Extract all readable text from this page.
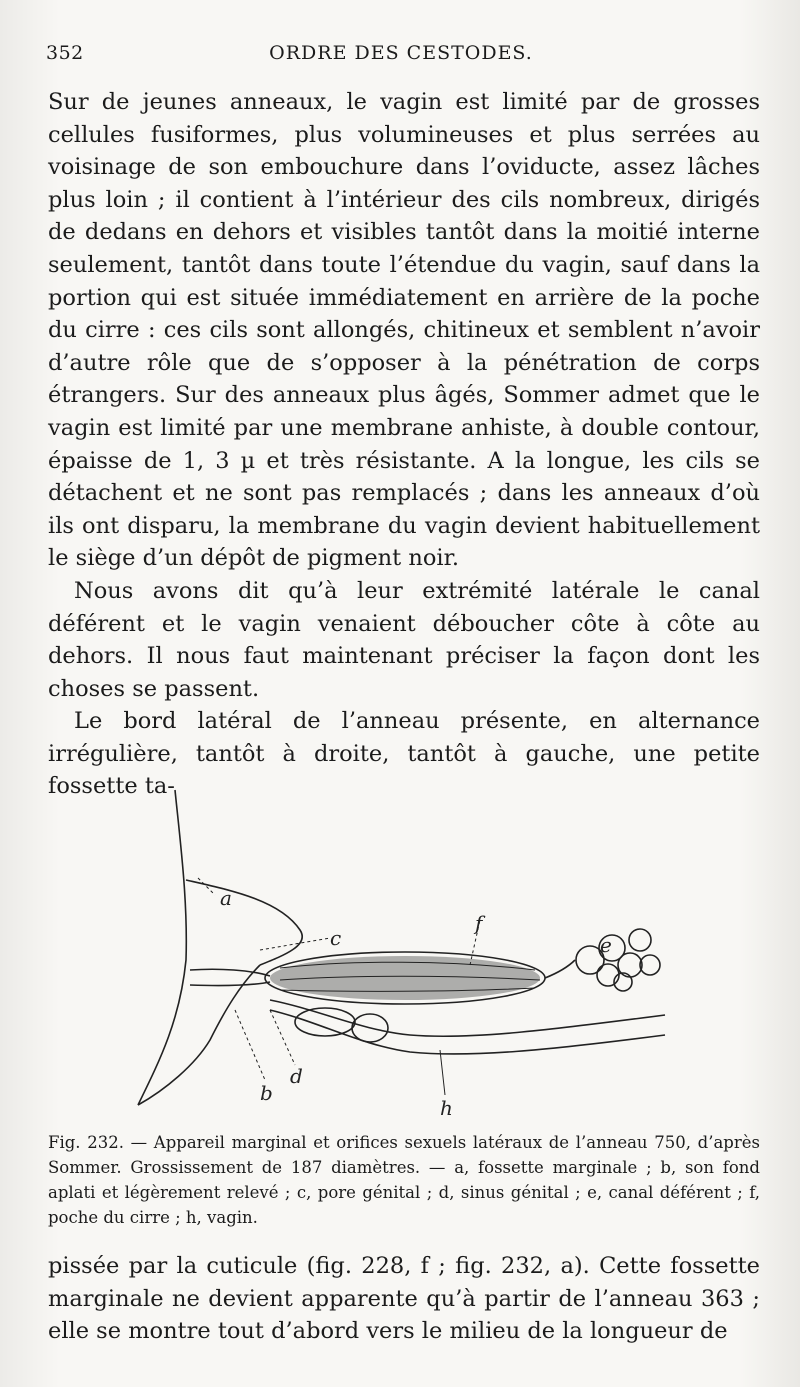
352	ORDRE DES CESTODES.

Sur de jeunes anneaux, le vagin est limité par de grosses cellules fusiformes, plus volumineuses et plus serrées au voisinage de son embouchure dans l’oviducte, assez lâches plus loin ; il contient à l’intérieur des cils nombreux, dirigés de dedans en dehors et visibles tantôt dans la moitié interne seulement, tantôt dans toute l’étendue du vagin, sauf dans la portion qui est située immédiatement en arrière de la poche du cirre : ces cils sont allongés, chitineux et semblent n’avoir d’autre rôle que de s’opposer à la pénétration de corps étrangers. Sur des anneaux plus âgés, Sommer admet que le vagin est limité par une membrane anhiste, à double contour, épaisse de 1, 3 µ et très résistante. A la longue, les cils se détachent et ne sont pas remplacés ; dans les anneaux d’où ils ont disparu, la membrane du vagin devient habituellement le siège d’un dépôt de pigment noir.

Nous avons dit qu’à leur extrémité latérale le canal déférent et le vagin venaient déboucher côte à côte au dehors. Il nous faut maintenant préciser la façon dont les choses se passent.

Le bord latéral de l’anneau présente, en alternance irrégulière, tantôt à droite, tantôt à gauche, une petite fossette ta-

a
c
f
e
d
b
h

Fig. 232. — Appareil marginal et orifices sexuels latéraux de l’anneau 750, d’après Sommer. Grossissement de 187 diamètres. — a, fossette marginale ; b, son fond aplati et légèrement relevé ; c, pore génital ; d, sinus génital ; e, canal déférent ; f, poche du cirre ; h, vagin.

pissée par la cuticule (fig. 228, f ; fig. 232, a). Cette fossette marginale ne devient apparente qu’à partir de l’anneau 363 ; elle se montre tout d’abord vers le milieu de la longueur de
